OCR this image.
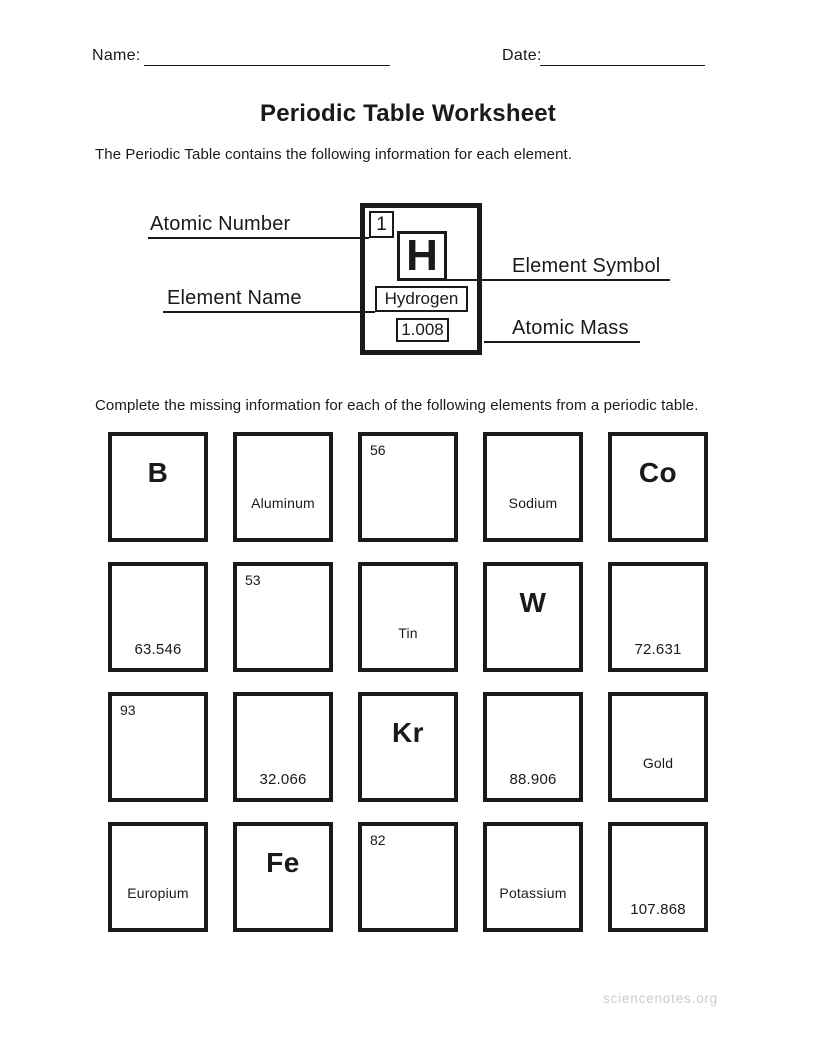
Name:	Date:
Periodic Table Worksheet
The Periodic Table contains the following information for each element.
1
H
Hydrogen
1.008
Atomic Number
Element Name
Element Symbol
Atomic Mass
Complete the missing information for each of the following elements from a periodic table.
B
Aluminum
56
Sodium
Co
63.546
53
Tin
W
72.631
93
32.066
Kr
88.906
Gold
Europium
Fe
82
Potassium
107.868
sciencenotes.org
